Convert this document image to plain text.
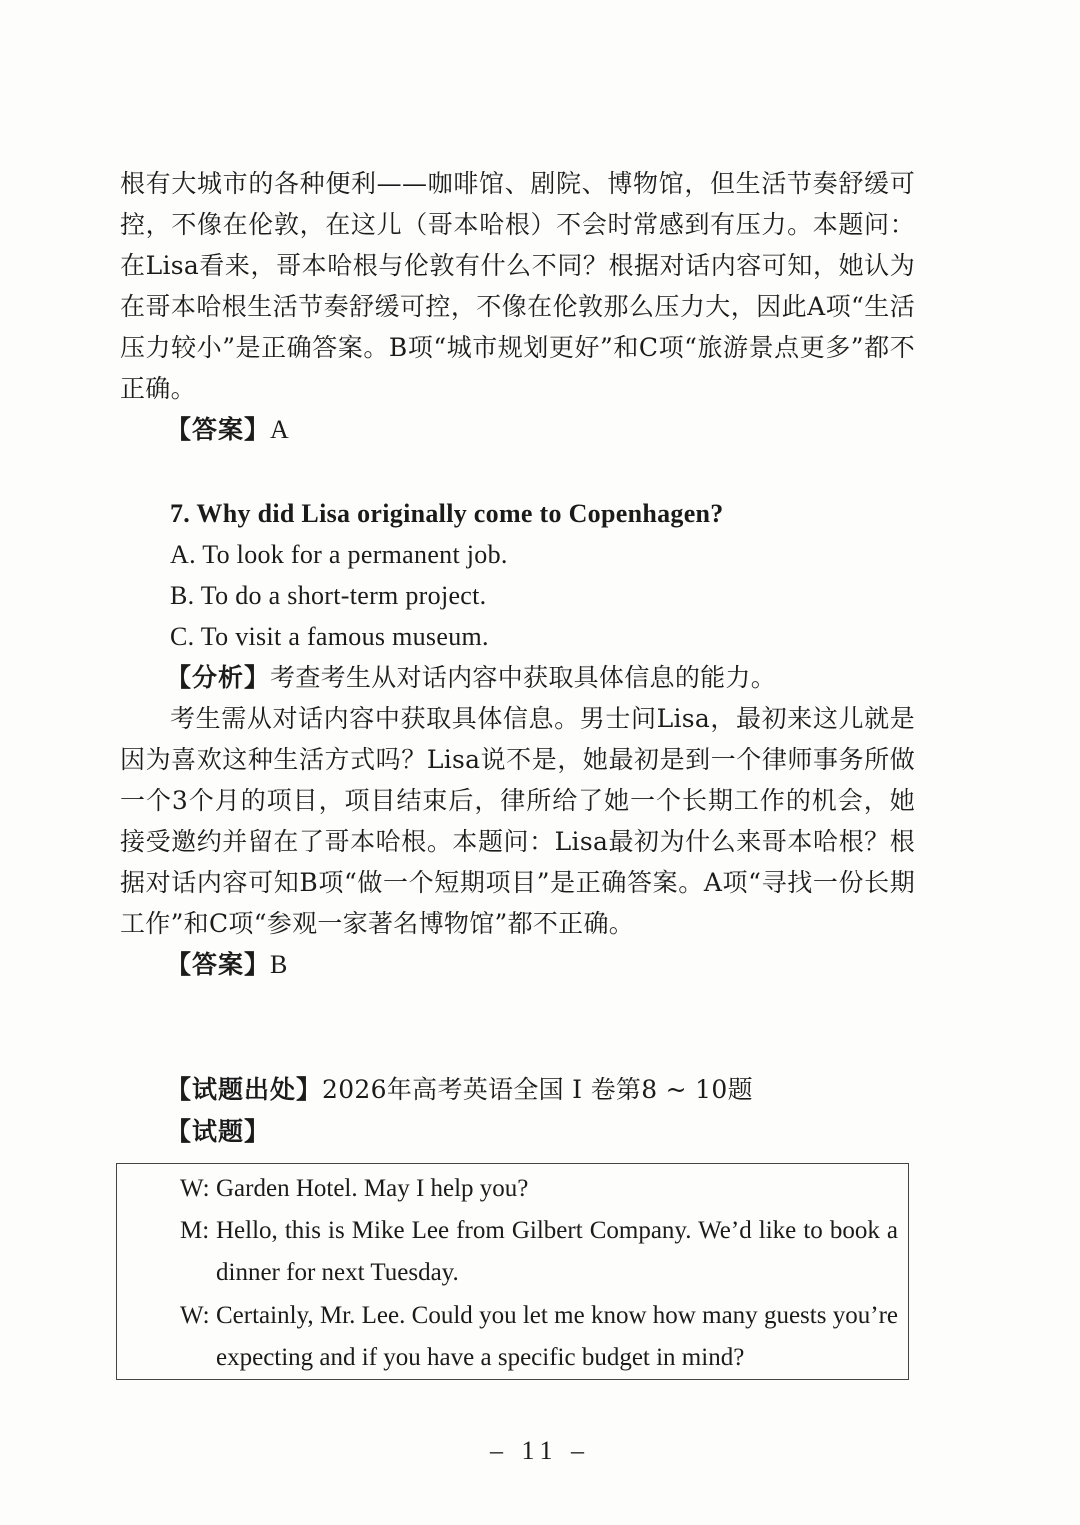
根有大城市的各种便利——咖啡馆、剧院、博物馆，但生活节奏舒缓可控，不像在伦敦，在这儿（哥本哈根）不会时常感到有压力。本题问：在Lisa看来，哥本哈根与伦敦有什么不同？根据对话内容可知，她认为在哥本哈根生活节奏舒缓可控，不像在伦敦那么压力大，因此A项“生活压力较小”是正确答案。B项“城市规划更好”和C项“旅游景点更多”都不正确。

【答案】A

7. Why did Lisa originally come to Copenhagen?

A. To look for a permanent job.

B. To do a short-term project.

C. To visit a famous museum.

【分析】考查考生从对话内容中获取具体信息的能力。

考生需从对话内容中获取具体信息。男士问Lisa，最初来这儿就是因为喜欢这种生活方式吗？Lisa说不是，她最初是到一个律师事务所做一个3个月的项目，项目结束后，律所给了她一个长期工作的机会，她接受邀约并留在了哥本哈根。本题问：Lisa最初为什么来哥本哈根？根据对话内容可知B项“做一个短期项目”是正确答案。A项“寻找一份长期工作”和C项“参观一家著名博物馆”都不正确。

【答案】B

【试题出处】2026年高考英语全国 I 卷第8 ~ 10题

【试题】

W: Garden Hotel. May I help you?

M: Hello, this is Mike Lee from Gilbert Company. We’d like to book a dinner for next Tuesday.
W: Certainly, Mr. Lee. Could you let me know how many guests you’re expecting and if you have a specific budget in mind?
– 11 –
